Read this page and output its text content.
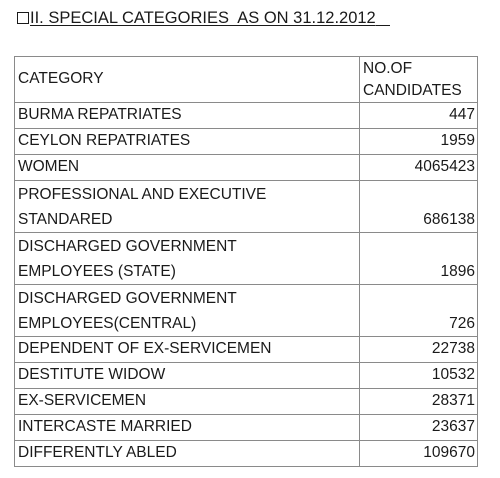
II. SPECIAL CATEGORIES  AS ON 31.12.2012
CATEGORY	NO.OF
CANDIDATES

BURMA REPATRIATES	447
CEYLON REPATRIATES	1959
WOMEN	4065423
PROFESSIONAL AND EXECUTIVE
STANDARED	686138
DISCHARGED GOVERNMENT
EMPLOYEES (STATE)	1896
DISCHARGED GOVERNMENT
EMPLOYEES(CENTRAL)	726
DEPENDENT OF EX-SERVICEMEN	22738
DESTITUTE WIDOW	10532
EX-SERVICEMEN	28371
INTERCASTE MARRIED	23637
DIFFERENTLY ABLED	109670
